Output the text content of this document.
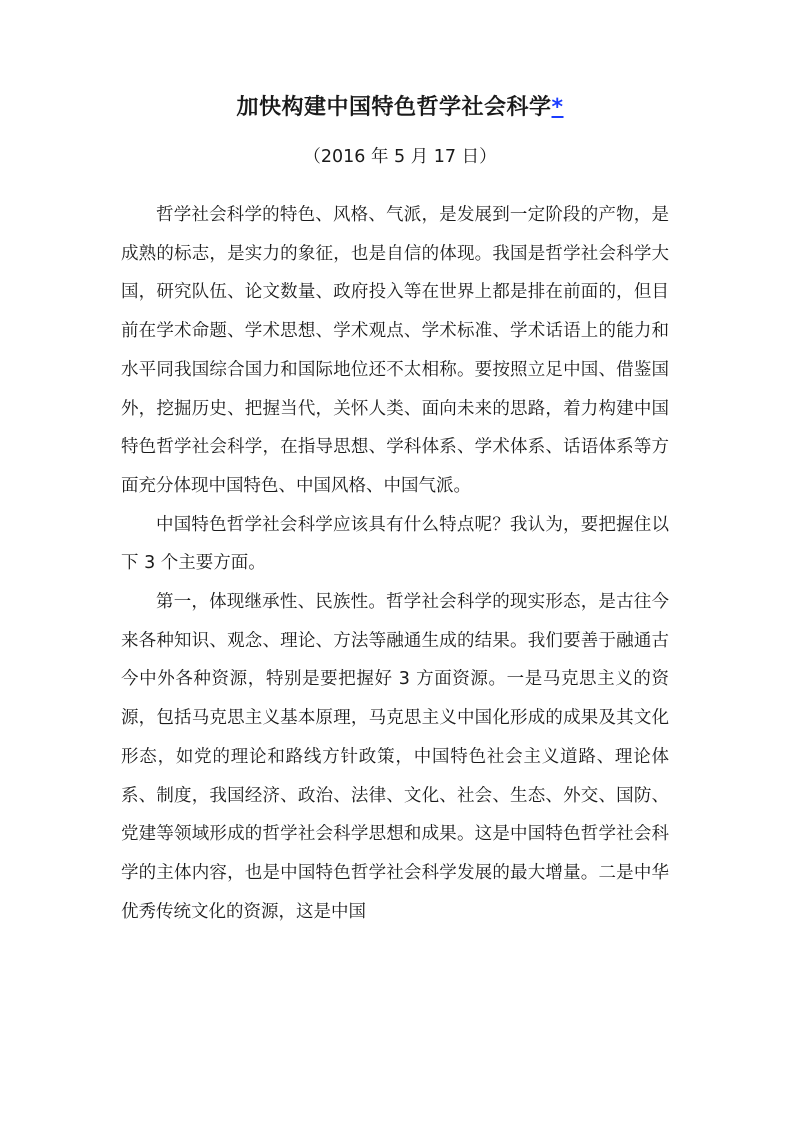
加快构建中国特色哲学社会科学*

（2016 年 5 月 17 日）

哲学社会科学的特色、风格、气派，是发展到一定阶段的产物，是成熟的标志，是实力的象征，也是自信的体现。我国是哲学社会科学大国，研究队伍、论文数量、政府投入等在世界上都是排在前面的，但目前在学术命题、学术思想、学术观点、学术标准、学术话语上的能力和水平同我国综合国力和国际地位还不太相称。要按照立足中国、借鉴国外，挖掘历史、把握当代，关怀人类、面向未来的思路，着力构建中国特色哲学社会科学，在指导思想、学科体系、学术体系、话语体系等方面充分体现中国特色、中国风格、中国气派。

中国特色哲学社会科学应该具有什么特点呢？我认为，要把握住以下 3 个主要方面。

第一，体现继承性、民族性。哲学社会科学的现实形态，是古往今来各种知识、观念、理论、方法等融通生成的结果。我们要善于融通古今中外各种资源，特别是要把握好 3 方面资源。一是马克思主义的资源，包括马克思主义基本原理，马克思主义中国化形成的成果及其文化形态，如党的理论和路线方针政策，中国特色社会主义道路、理论体系、制度，我国经济、政治、法律、文化、社会、生态、外交、国防、党建等领域形成的哲学社会科学思想和成果。这是中国特色哲学社会科学的主体内容，也是中国特色哲学社会科学发展的最大增量。二是中华优秀传统文化的资源，这是中国
